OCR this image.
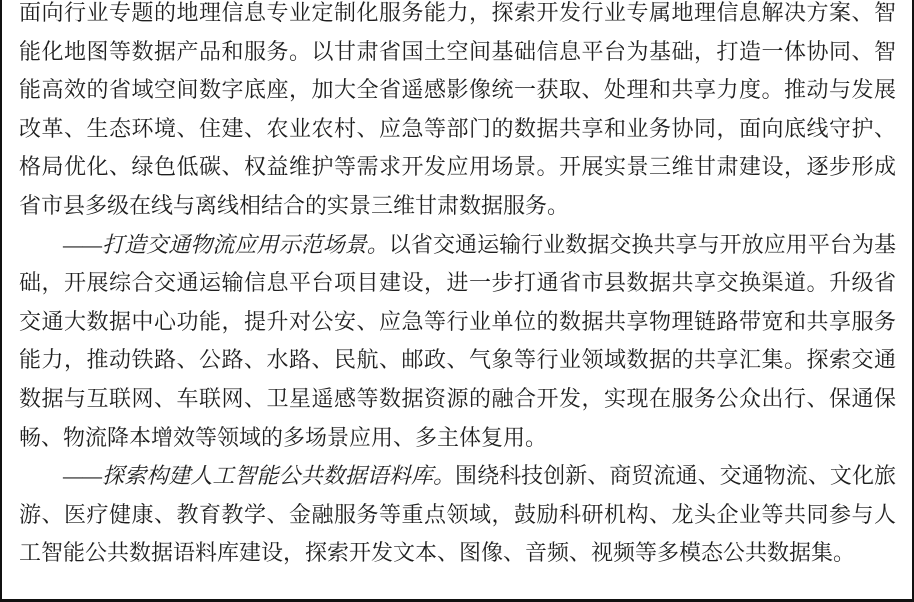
面向行业专题的地理信息专业定制化服务能力，探索开发行业专属地理信息解决方案、智能化地图等数据产品和服务。以甘肃省国土空间基础信息平台为基础，打造一体协同、智能高效的省域空间数字底座，加大全省遥感影像统一获取、处理和共享力度。推动与发展改革、生态环境、住建、农业农村、应急等部门的数据共享和业务协同，面向底线守护、格局优化、绿色低碳、权益维护等需求开发应用场景。开展实景三维甘肃建设，逐步形成省市县多级在线与离线相结合的实景三维甘肃数据服务。

——打造交通物流应用示范场景。以省交通运输行业数据交换共享与开放应用平台为基础，开展综合交通运输信息平台项目建设，进一步打通省市县数据共享交换渠道。升级省交通大数据中心功能，提升对公安、应急等行业单位的数据共享物理链路带宽和共享服务能力，推动铁路、公路、水路、民航、邮政、气象等行业领域数据的共享汇集。探索交通数据与互联网、车联网、卫星遥感等数据资源的融合开发，实现在服务公众出行、保通保畅、物流降本增效等领域的多场景应用、多主体复用。

——探索构建人工智能公共数据语料库。围绕科技创新、商贸流通、交通物流、文化旅游、医疗健康、教育教学、金融服务等重点领域，鼓励科研机构、龙头企业等共同参与人工智能公共数据语料库建设，探索开发文本、图像、音频、视频等多模态公共数据集。
